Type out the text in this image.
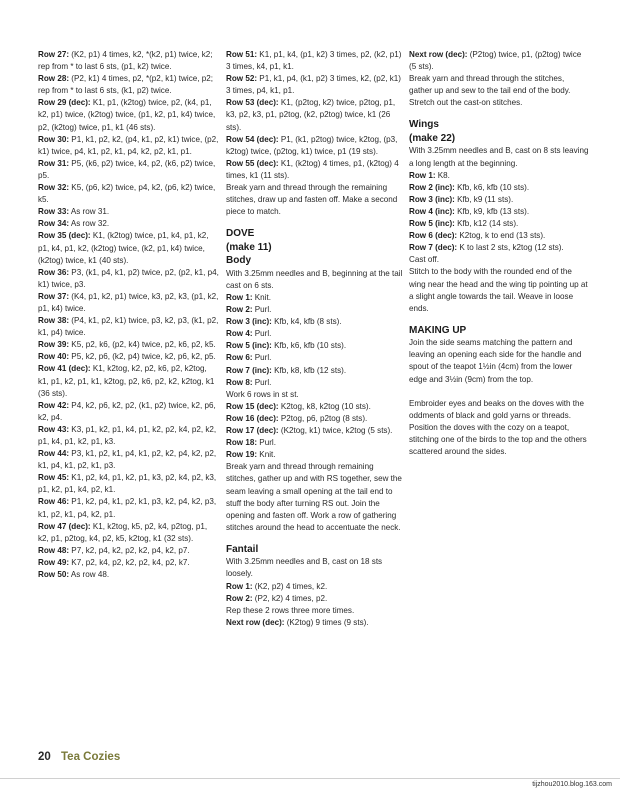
Row 27: (K2, p1) 4 times, k2, *(k2, p1) twice, k2; rep from * to last 6 sts, (p1, k2) twice.

Row 28: (P2, k1) 4 times, p2, *(p2, k1) twice, p2; rep from * to last 6 sts, (k1, p2) twice.

Row 29 (dec): K1, p1, (k2tog) twice, p2, (k4, p1, k2, p1) twice, (k2tog) twice, (p1, k2, p1, k4) twice, p2, (k2tog) twice, p1, k1 (46 sts).

Row 30: P1, k1, p2, k2, (p4, k1, p2, k1) twice, (p2, k1) twice, p4, k1, p2, k1, p4, k2, p2, k1, p1.

Row 31: P5, (k6, p2) twice, k4, p2, (k6, p2) twice, p5.

Row 32: K5, (p6, k2) twice, p4, k2, (p6, k2) twice, k5.

Row 33: As row 31.

Row 34: As row 32.

Row 35 (dec): K1, (k2tog) twice, p1, k4, p1, k2, p1, k4, p1, k2, (k2tog) twice, (k2, p1, k4) twice, (k2tog) twice, k1 (40 sts).

Row 36: P3, (k1, p4, k1, p2) twice, p2, (p2, k1, p4, k1) twice, p3.

Row 37: (K4, p1, k2, p1) twice, k3, p2, k3, (p1, k2, p1, k4) twice.

Row 38: (P4, k1, p2, k1) twice, p3, k2, p3, (k1, p2, k1, p4) twice.

Row 39: K5, p2, k6, (p2, k4) twice, p2, k6, p2, k5.

Row 40: P5, k2, p6, (k2, p4) twice, k2, p6, k2, p5.

Row 41 (dec): K1, k2tog, k2, p2, k6, p2, k2tog, k1, p1, k2, p1, k1, k2tog, p2, k6, p2, k2, k2tog, k1 (36 sts).

Row 42: P4, k2, p6, k2, p2, (k1, p2) twice, k2, p6, k2, p4.

Row 43: K3, p1, k2, p1, k4, p1, k2, p2, k4, p2, k2, p1, k4, p1, k2, p1, k3.

Row 44: P3, k1, p2, k1, p4, k1, p2, k2, p4, k2, p2, k1, p4, k1, p2, k1, p3.

Row 45: K1, p2, k4, p1, k2, p1, k3, p2, k4, p2, k3, p1, k2, p1, k4, p2, k1.

Row 46: P1, k2, p4, k1, p2, k1, p3, k2, p4, k2, p3, k1, p2, k1, p4, k2, p1.

Row 47 (dec): K1, k2tog, k5, p2, k4, p2tog, p1, k2, p1, p2tog, k4, p2, k5, k2tog, k1 (32 sts).

Row 48: P7, k2, p4, k2, p2, k2, p4, k2, p7.

Row 49: K7, p2, k4, p2, k2, p2, k4, p2, k7.

Row 50: As row 48.

Row 51: K1, p1, k4, (p1, k2) 3 times, p2, (k2, p1) 3 times, k4, p1, k1.

Row 52: P1, k1, p4, (k1, p2) 3 times, k2, (p2, k1) 3 times, p4, k1, p1.

Row 53 (dec): K1, (p2tog, k2) twice, p2tog, p1, k3, p2, k3, p1, p2tog, (k2, p2tog) twice, k1 (26 sts).

Row 54 (dec): P1, (k1, p2tog) twice, k2tog, (p3, k2tog) twice, (p2tog, k1) twice, p1 (19 sts).

Row 55 (dec): K1, (k2tog) 4 times, p1, (k2tog) 4 times, k1 (11 sts).

Break yarn and thread through the remaining stitches, draw up and fasten off. Make a second piece to match.

DOVE

(make 11)

Body

With 3.25mm needles and B, beginning at the tail cast on 6 sts.

Row 1: Knit.

Row 2: Purl.

Row 3 (inc): Kfb, k4, kfb (8 sts).

Row 4: Purl.

Row 5 (inc): Kfb, k6, kfb (10 sts).

Row 6: Purl.

Row 7 (inc): Kfb, k8, kfb (12 sts).

Row 8: Purl.

Work 6 rows in st st.

Row 15 (dec): K2tog, k8, k2tog (10 sts).

Row 16 (dec): P2tog, p6, p2tog (8 sts).

Row 17 (dec): (K2tog, k1) twice, k2tog (5 sts).

Row 18: Purl.

Row 19: Knit.

Break yarn and thread through remaining stitches, gather up and with RS together, sew the seam leaving a small opening at the tail end to stuff the body after turning RS out. Join the opening and fasten off. Work a row of gathering stitches around the head to accentuate the neck.

Fantail

With 3.25mm needles and B, cast on 18 sts loosely.

Row 1: (K2, p2) 4 times, k2.

Row 2: (P2, k2) 4 times, p2.

Rep these 2 rows three more times.

Next row (dec): (K2tog) 9 times (9 sts).

Next row (dec): (P2tog) twice, p1, (p2tog) twice (5 sts).

Break yarn and thread through the stitches, gather up and sew to the tail end of the body. Stretch out the cast-on stitches.

Wings

(make 22)

With 3.25mm needles and B, cast on 8 sts leaving a long length at the beginning.

Row 1: K8.

Row 2 (inc): Kfb, k6, kfb (10 sts).

Row 3 (inc): Kfb, k9 (11 sts).

Row 4 (inc): Kfb, k9, kfb (13 sts).

Row 5 (inc): Kfb, k12 (14 sts).

Row 6 (dec): K2tog, k to end (13 sts).

Row 7 (dec): K to last 2 sts, k2tog (12 sts).

Cast off.

Stitch to the body with the rounded end of the wing near the head and the wing tip pointing up at a slight angle towards the tail. Weave in loose ends.

MAKING UP

Join the side seams matching the pattern and leaving an opening each side for the handle and spout of the teapot 1½in (4cm) from the lower edge and 3½in (9cm) from the top.

Embroider eyes and beaks on the doves with the oddments of black and gold yarns or threads. Position the doves with the cozy on a teapot, stitching one of the birds to the top and the others scattered around the sides.

20 Tea Cozies
tijzhou2010.blog.163.com
